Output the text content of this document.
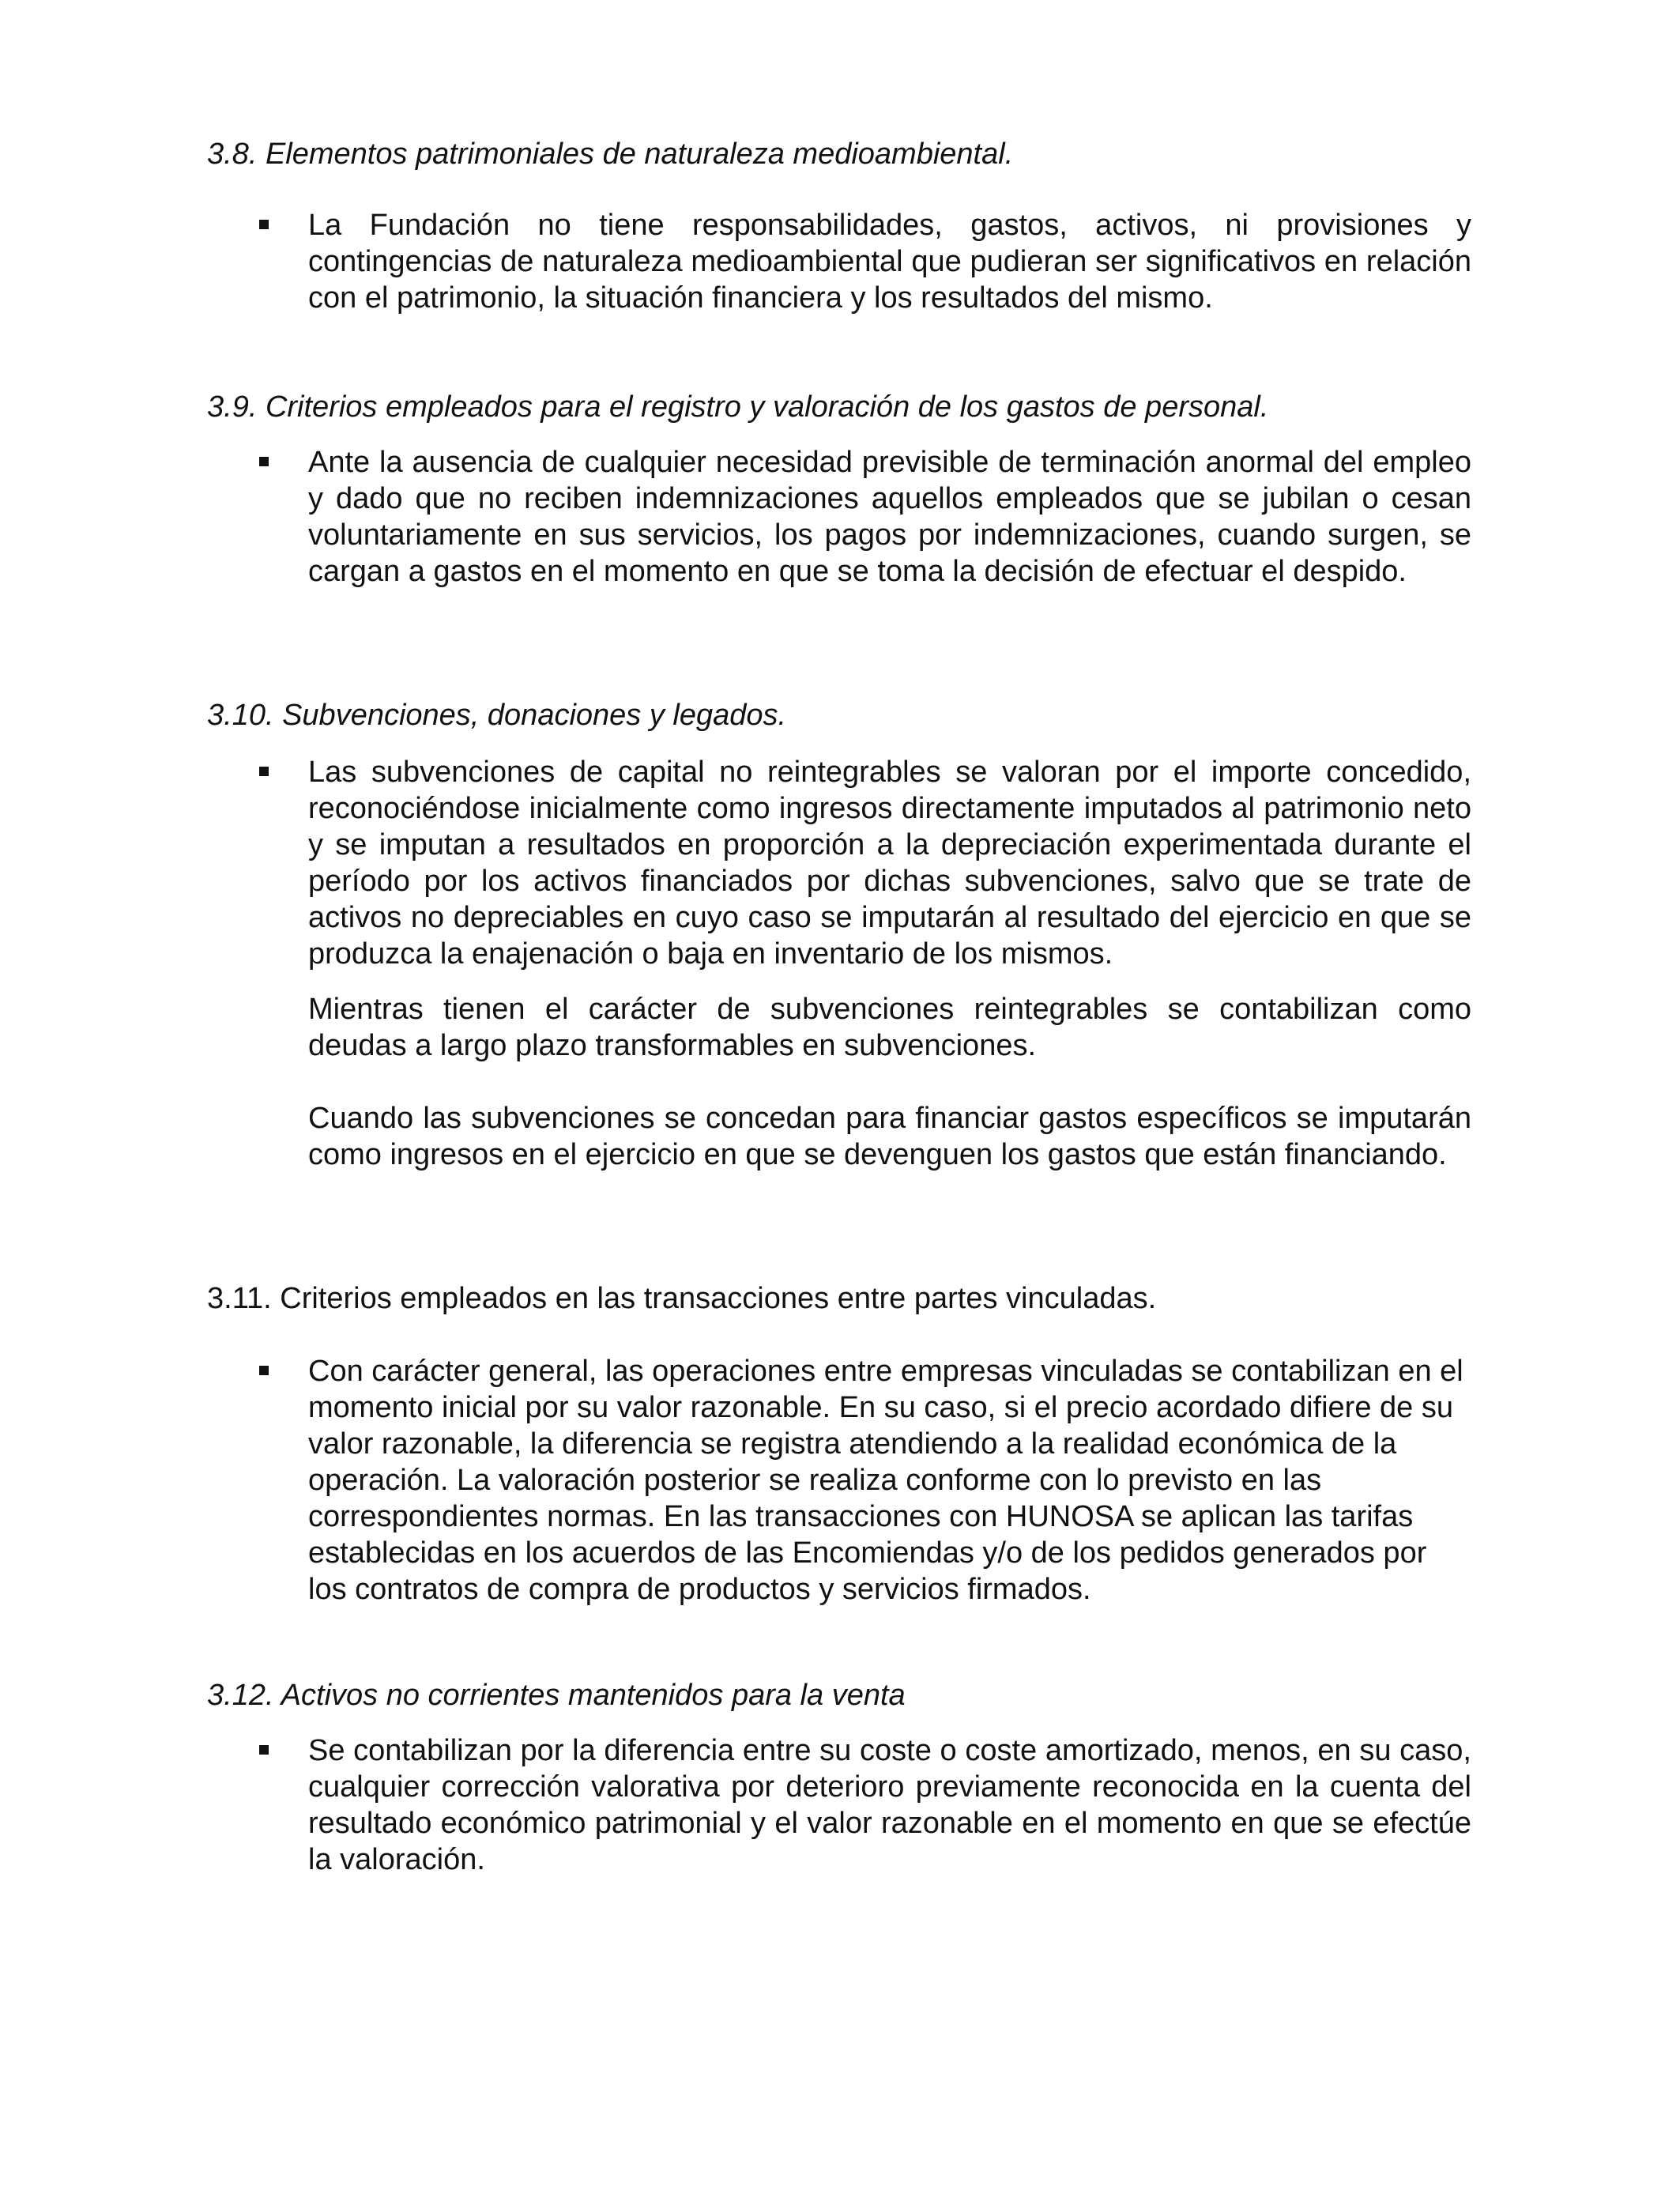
3.8. Elementos patrimoniales de naturaleza medioambiental.

La Fundación no tiene responsabilidades, gastos, activos, ni provisiones y contingencias de naturaleza medioambiental que pudieran ser significativos en relación con el patrimonio, la situación financiera y los resultados del mismo.

3.9. Criterios empleados para el registro y valoración de los gastos de personal.

Ante la ausencia de cualquier necesidad previsible de terminación anormal del empleo y dado que no reciben indemnizaciones aquellos empleados que se jubilan o cesan voluntariamente en sus servicios, los pagos por indemnizaciones, cuando surgen, se cargan a gastos en el momento en que se toma la decisión de efectuar el despido.

3.10. Subvenciones, donaciones y legados.

Las subvenciones de capital no reintegrables se valoran por el importe concedido, reconociéndose inicialmente como ingresos directamente imputados al patrimonio neto y se imputan a resultados en proporción a la depreciación experimentada durante el período por los activos financiados por dichas subvenciones, salvo que se trate de activos no depreciables en cuyo caso se imputarán al resultado del ejercicio en que se produzca la enajenación o baja en inventario de los mismos.

Mientras tienen el carácter de subvenciones reintegrables se contabilizan como deudas a largo plazo transformables en subvenciones.

Cuando las subvenciones se concedan para financiar gastos específicos se imputarán como ingresos en el ejercicio en que se devenguen los gastos que están financiando.

3.11. Criterios empleados en las transacciones entre partes vinculadas.

Con carácter general, las operaciones entre empresas vinculadas se contabilizan en el momento inicial por su valor razonable. En su caso, si el precio acordado difiere de su valor razonable, la diferencia se registra atendiendo a la realidad económica de la operación. La valoración posterior se realiza conforme con lo previsto en las correspondientes normas. En las transacciones con HUNOSA se aplican las tarifas establecidas en los acuerdos de las Encomiendas y/o de los pedidos generados por los contratos de compra de productos y servicios firmados.

3.12. Activos no corrientes mantenidos para la venta

Se contabilizan por la diferencia entre su coste o coste amortizado, menos, en su caso, cualquier corrección valorativa por deterioro previamente reconocida en la cuenta del resultado económico patrimonial y el valor razonable en el momento en que se efectúe la valoración.
